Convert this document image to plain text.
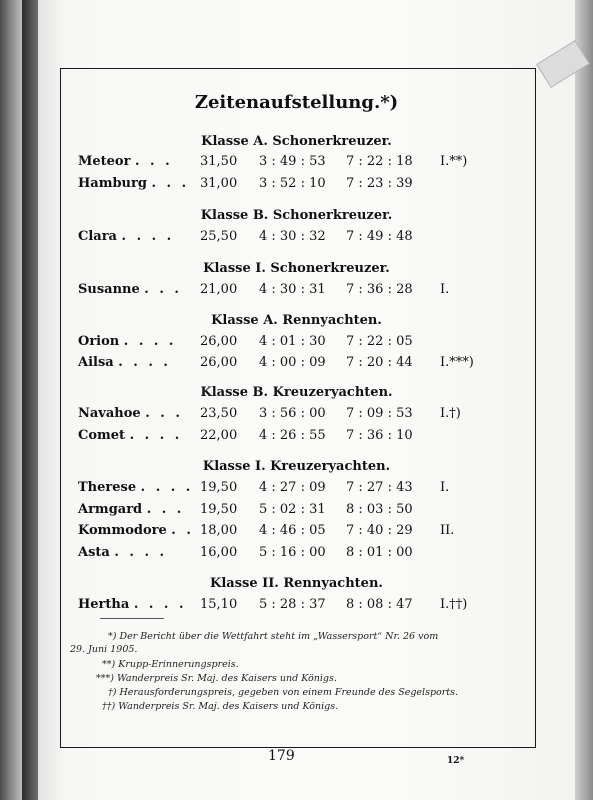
Zeitenaufstellung.*)
Klasse A. Schonerkreuzer.
Meteor . . . 31,50 3 : 49 : 53 7 : 22 : 18 I.**)
Hamburg . . . 31,00 3 : 52 : 10 7 : 23 : 39
Klasse B. Schonerkreuzer.
Clara . . . . 25,50 4 : 30 : 32 7 : 49 : 48
Klasse I. Schonerkreuzer.
Susanne . . . 21,00 4 : 30 : 31 7 : 36 : 28 I.
Klasse A. Rennyachten.
Orion . . . . 26,00 4 : 01 : 30 7 : 22 : 05
Ailsa . . . . 26,00 4 : 00 : 09 7 : 20 : 44 I.***)
Klasse B. Kreuzeryachten.
Navahoe . . . 23,50 3 : 56 : 00 7 : 09 : 53 I.†)
Comet . . . . 22,00 4 : 26 : 55 7 : 36 : 10
Klasse I. Kreuzeryachten.
Therese . . . . 19,50 4 : 27 : 09 7 : 27 : 43 I.
Armgard . . . 19,50 5 : 02 : 31 8 : 03 : 50
Kommodore . . 18,00 4 : 46 : 05 7 : 40 : 29 II.
Asta . . . .	16,00 5 : 16 : 00 8 : 01 : 00
Klasse II. Rennyachten.
Hertha . . . . 15,10 5 : 28 : 37 8 : 08 : 47 I.††)
*) Der Bericht über die Wettfahrt steht im „Wassersport“ Nr. 26 vom
29. Juni 1905.
**) Krupp-Erinnerungspreis.
***) Wanderpreis Sr. Maj. des Kaisers und Königs.
†) Herausforderungspreis, gegeben von einem Freunde des Segelsports.
††) Wanderpreis Sr. Maj. des Kaisers und Königs.
179	12*
